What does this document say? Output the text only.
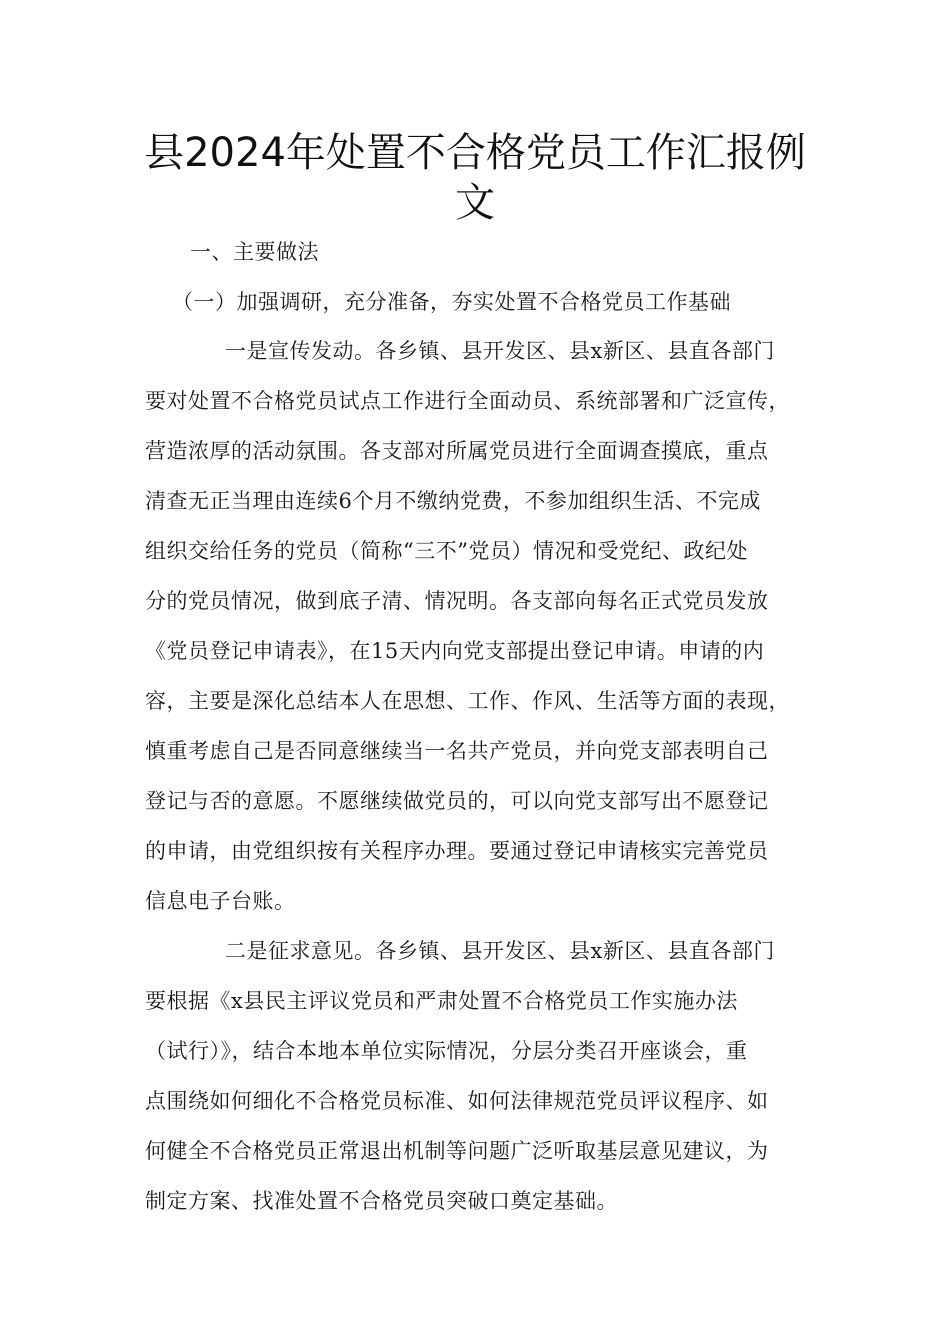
县2024年处置不合格党员工作汇报例
文
一、主要做法
（一）加强调研，充分准备，夯实处置不合格党员工作基础
一是宣传发动。各乡镇、县开发区、县x新区、县直各部门
要对处置不合格党员试点工作进行全面动员、系统部署和广泛宣传，
营造浓厚的活动氛围。各支部对所属党员进行全面调查摸底，重点
清查无正当理由连续6个月不缴纳党费，不参加组织生活、不完成
组织交给任务的党员（简称“三不”党员）情况和受党纪、政纪处
分的党员情况，做到底子清、情况明。各支部向每名正式党员发放
《党员登记申请表》，在15天内向党支部提出登记申请。申请的内
容，主要是深化总结本人在思想、工作、作风、生活等方面的表现，
慎重考虑自己是否同意继续当一名共产党员，并向党支部表明自己
登记与否的意愿。不愿继续做党员的，可以向党支部写出不愿登记
的申请，由党组织按有关程序办理。要通过登记申请核实完善党员
信息电子台账。
二是征求意见。各乡镇、县开发区、县x新区、县直各部门
要根据《x县民主评议党员和严肃处置不合格党员工作实施办法
（试行）》，结合本地本单位实际情况，分层分类召开座谈会，重
点围绕如何细化不合格党员标准、如何法律规范党员评议程序、如
何健全不合格党员正常退出机制等问题广泛听取基层意见建议，为
制定方案、找准处置不合格党员突破口奠定基础。
